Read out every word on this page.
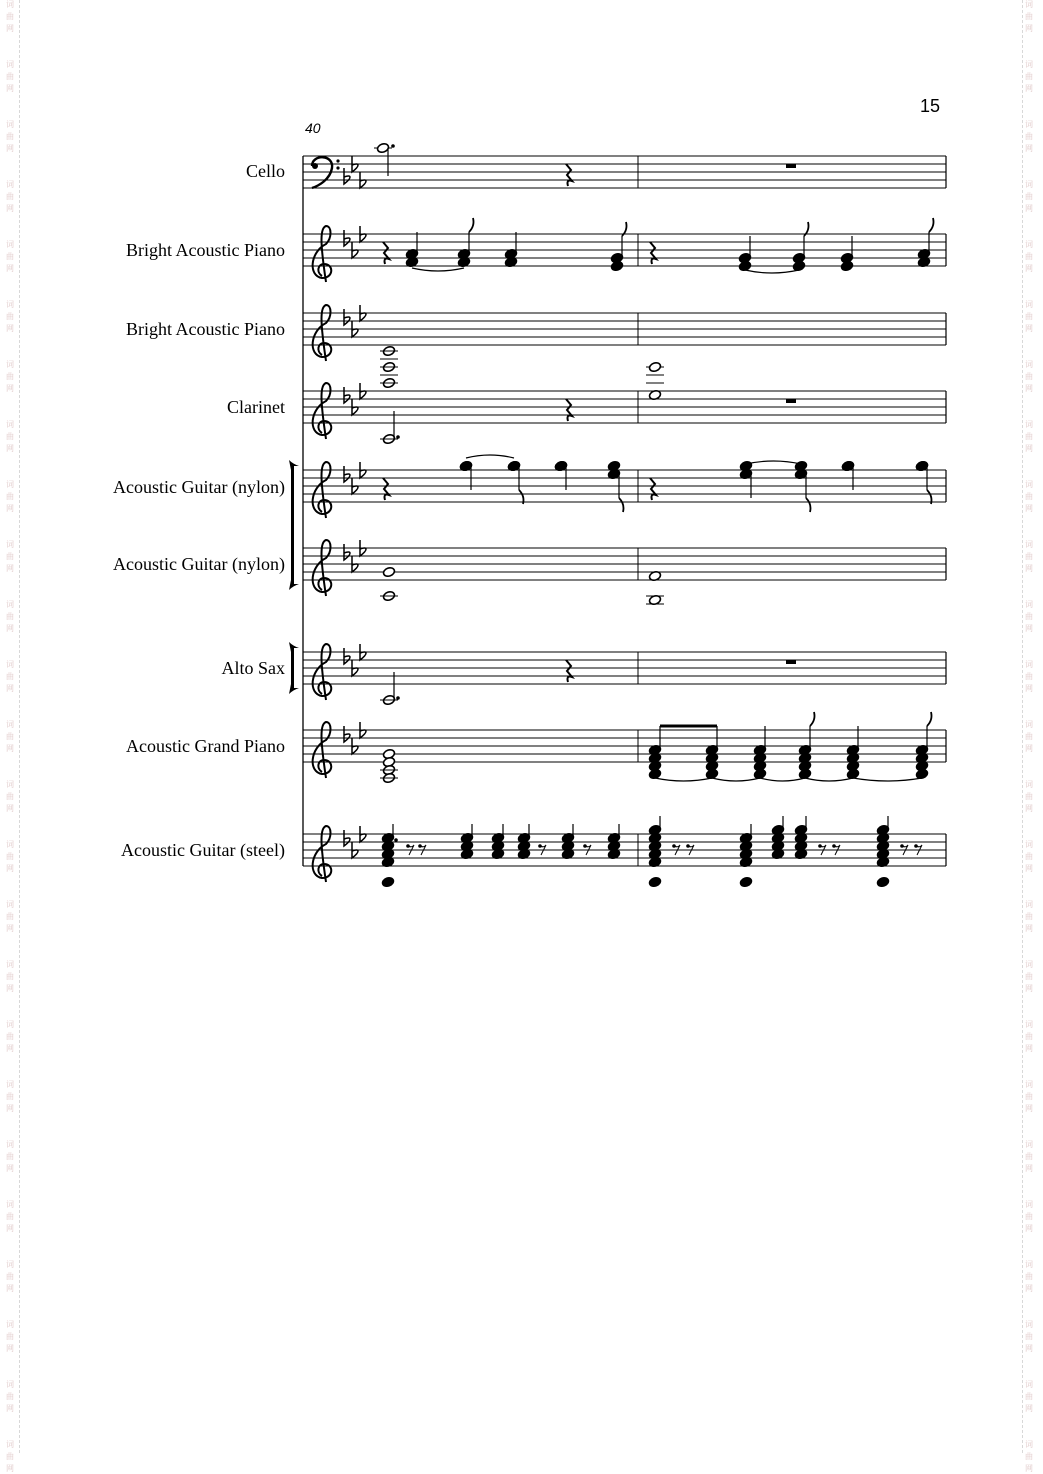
词
曲
网
词
曲
网
词
曲
网
词
曲
网
词
曲
网
词
曲
网
词
曲
网
词
曲
网
词
曲
网
词
曲
网
词
曲
网
词
曲
网
词
曲
网
词
曲
网
词
曲
网
词
曲
网
词
曲
网
词
曲
网
词
曲
网
词
曲
网
词
曲
网
词
曲
网
词
曲
网
词
曲
网
词
曲
网
词
曲
网
词
曲
网
词
曲
网
词
曲
网
词
曲
网
词
曲
网
词
曲
网
词
曲
网
词
曲
网
词
曲
网
词
曲
网
词
曲
网
词
曲
网
词
曲
网
词
曲
网
词
曲
网
词
曲
网
词
曲
网
词
曲
网
词
曲
网
词
曲
网
词
曲
网
词
曲
网
词
曲
网
词
曲
网
15
40
Cello
Bright Acoustic Piano
Bright Acoustic Piano
Clarinet
Acoustic Guitar (nylon)
Acoustic Guitar (nylon)
Alto Sax
Acoustic Grand Piano
Acoustic Guitar (steel)
